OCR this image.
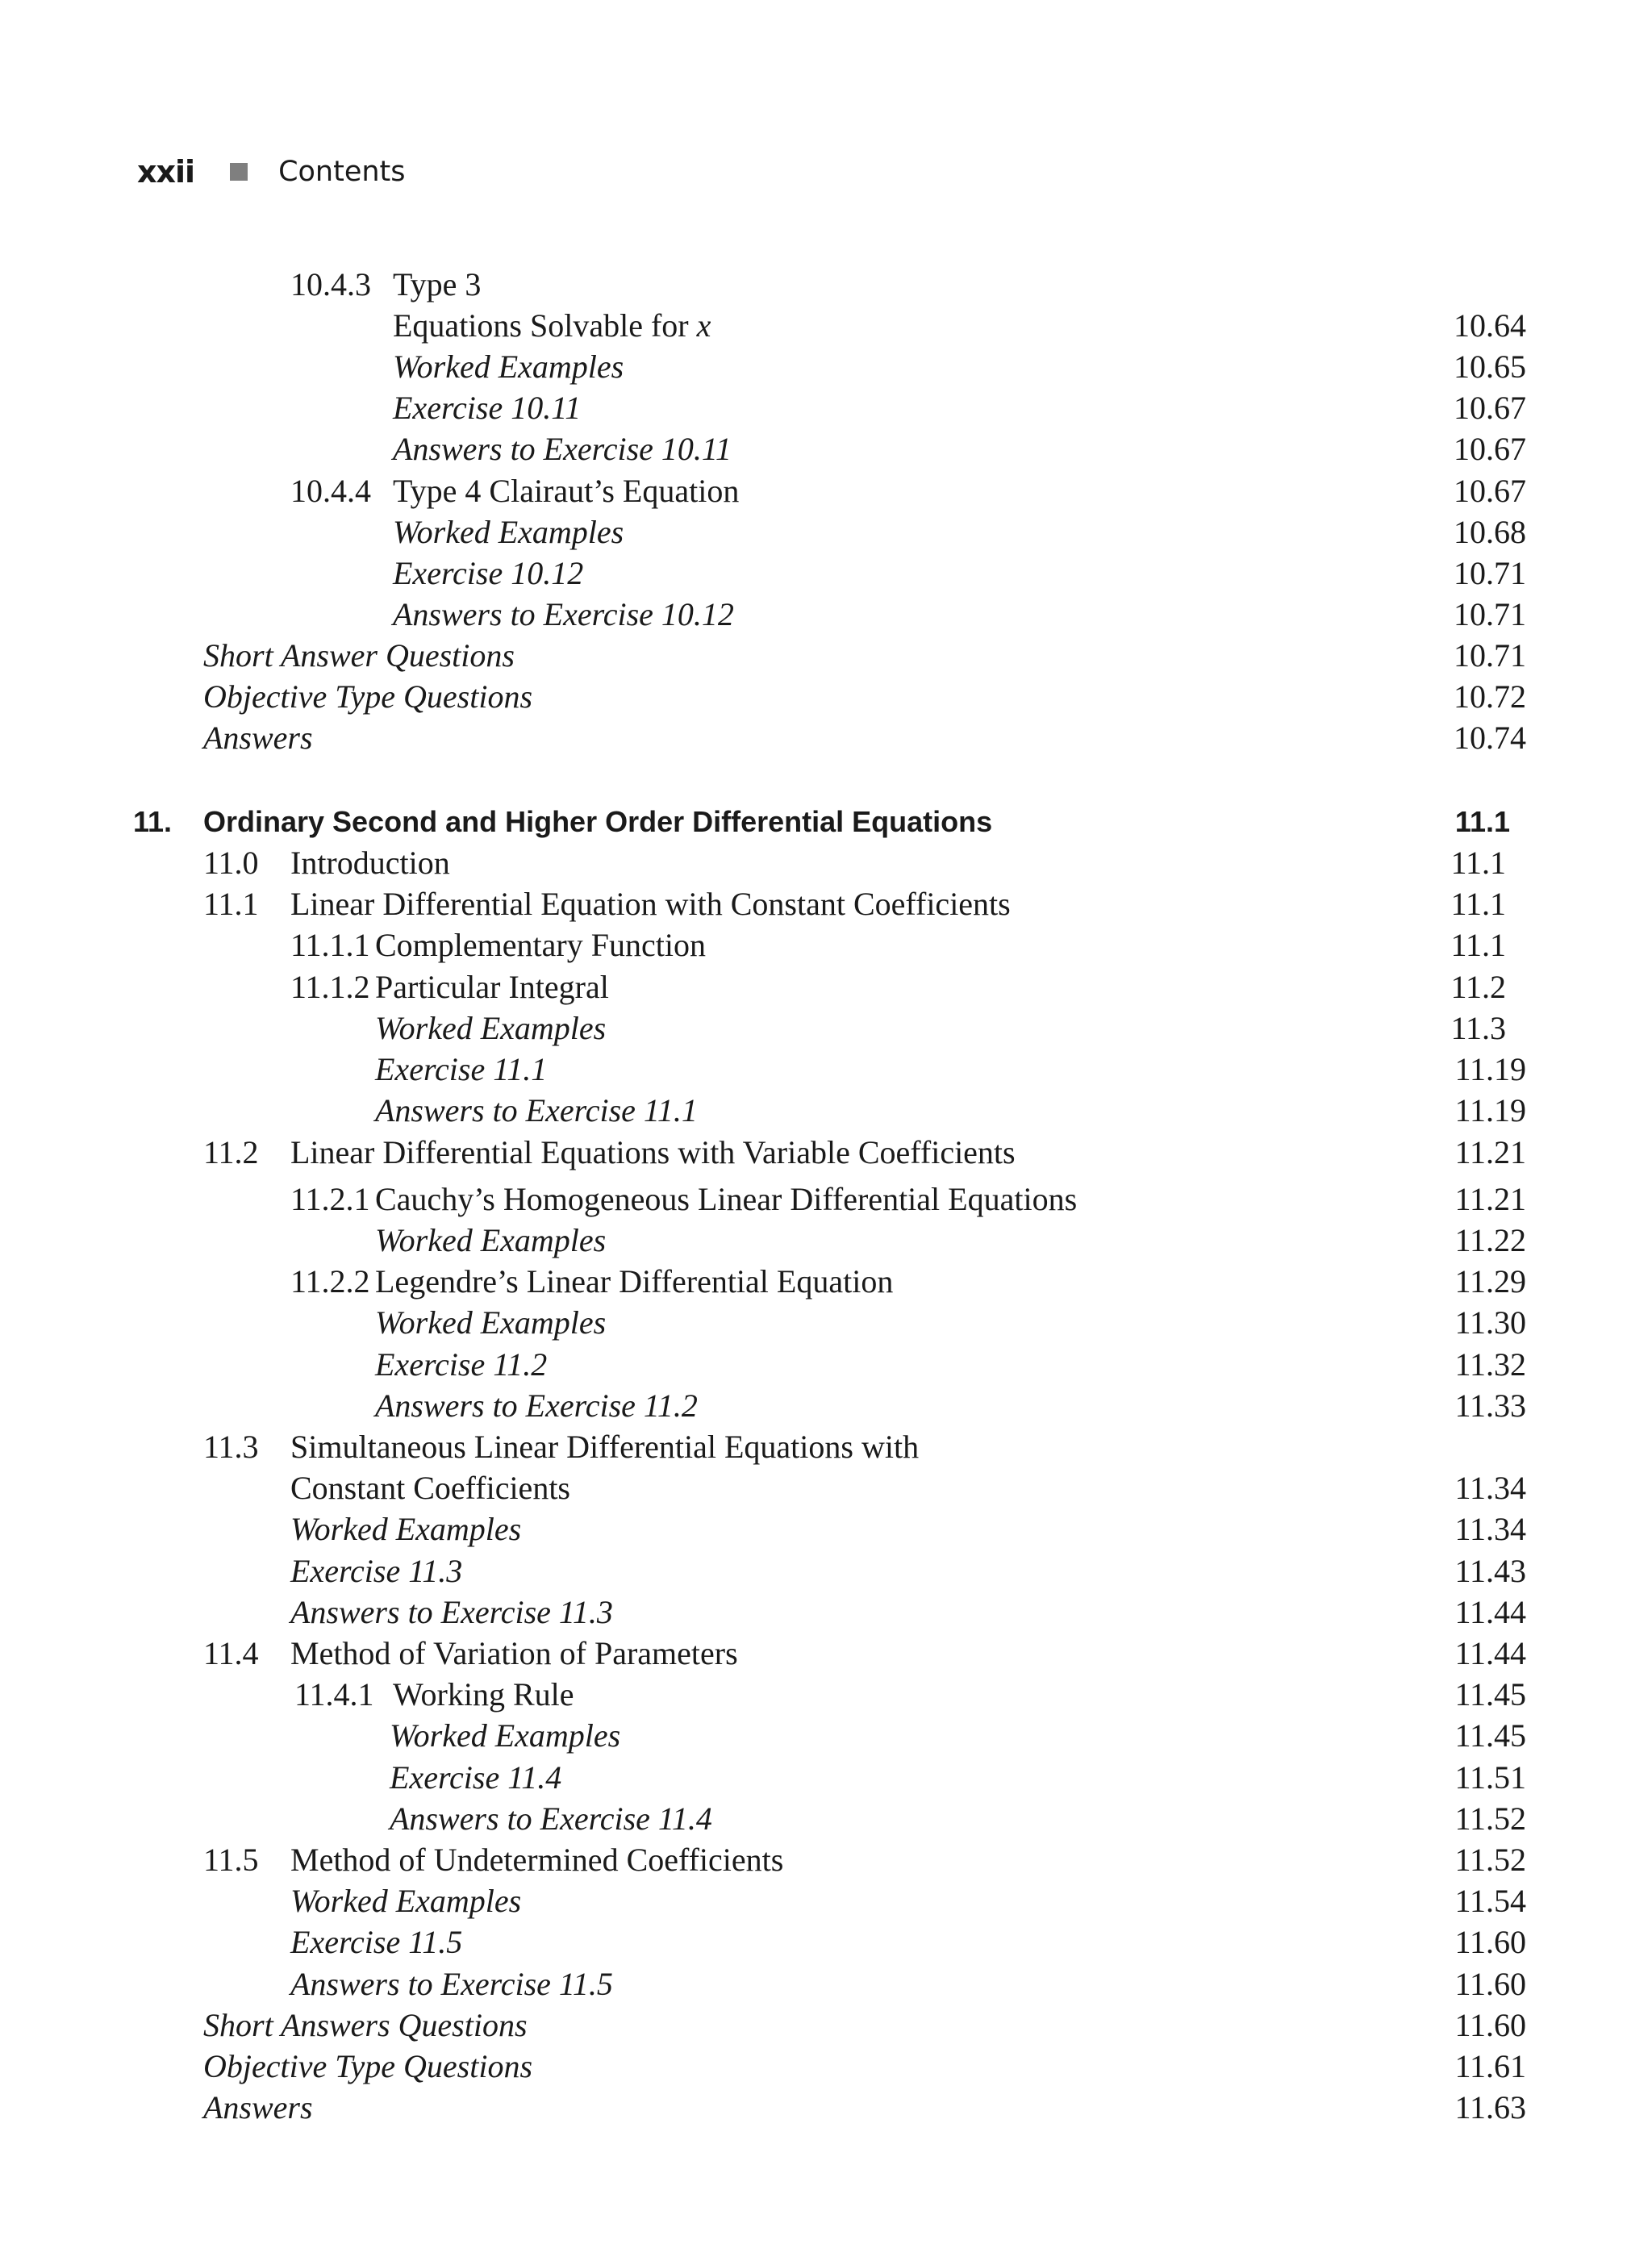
xxii	Contents
10.4.3 Type 3
Equations Solvable for x	10.64
Worked Examples	10.65
Exercise 10.11	10.67
Answers to Exercise 10.11	10.67
10.4.4 Type 4 Clairaut’s Equation	10.67
Worked Examples	10.68
Exercise 10.12	10.71
Answers to Exercise 10.12	10.71
Short Answer Questions	10.71
Objective Type Questions	10.72
Answers	10.74
11. Ordinary Second and Higher Order Differential Equations	11.1
11.0 Introduction	11.1
11.1 Linear Differential Equation with Constant Coefficients	11.1
11.1.1 Complementary Function	11.1
11.1.2 Particular Integral	11.2
Worked Examples	11.3
Exercise 11.1	11.19
Answers to Exercise 11.1	11.19
11.2 Linear Differential Equations with Variable Coefficients	11.21
11.2.1 Cauchy’s Homogeneous Linear Differential Equations	11.21
Worked Examples	11.22
11.2.2 Legendre’s Linear Differential Equation	11.29
Worked Examples	11.30
Exercise 11.2	11.32
Answers to Exercise 11.2	11.33
11.3 Simultaneous Linear Differential Equations with
Constant Coefficients	11.34
Worked Examples	11.34
Exercise 11.3	11.43
Answers to Exercise 11.3	11.44
11.4 Method of Variation of Parameters	11.44
11.4.1 Working Rule	11.45
Worked Examples	11.45
Exercise 11.4	11.51
Answers to Exercise 11.4	11.52
11.5 Method of Undetermined Coefficients	11.52
Worked Examples	11.54
Exercise 11.5	11.60
Answers to Exercise 11.5	11.60
Short Answers Questions	11.60
Objective Type Questions	11.61
Answers	11.63
